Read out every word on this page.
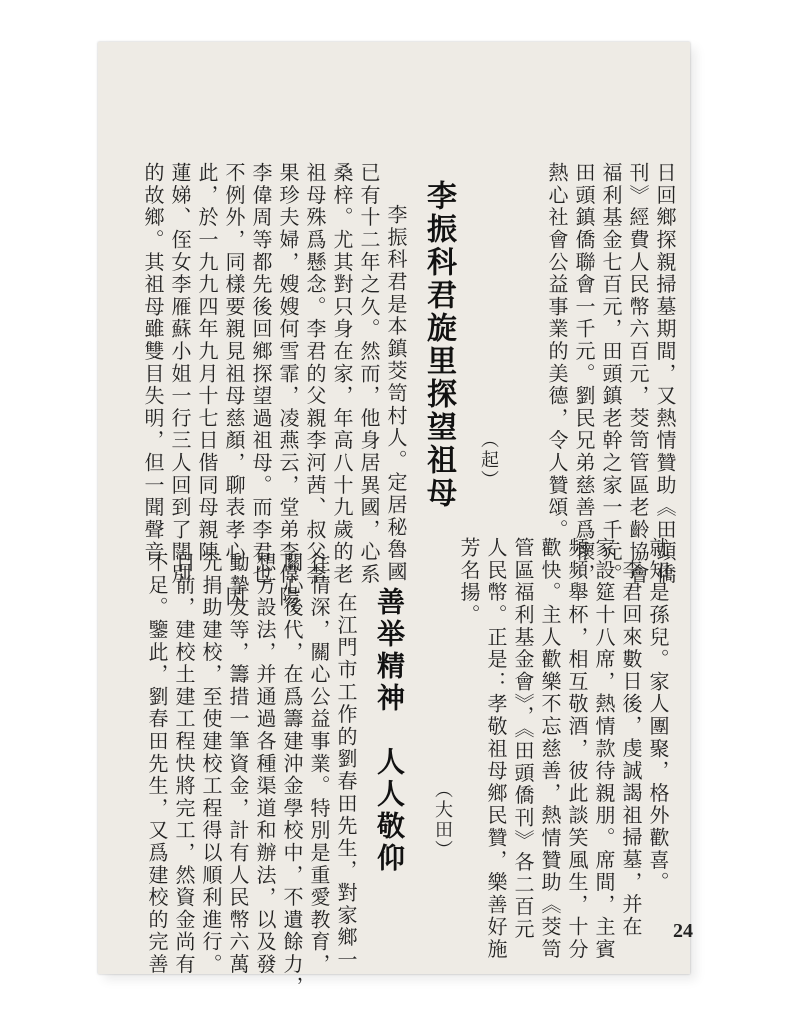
日回鄉探親掃墓期間，又熱情贊助《田頭僑
刊》經費人民幣六百元，茭笥管區老齡協會
福利基金七百元，田頭鎮老幹之家一千元。
田頭鎮僑聯會一千元。劉民兄弟慈善爲懷，
熱心社會公益事業的美德，令人贊頌。
（起）
李振科君旋里探望祖母
李振科君是本鎮茭笥村人。定居秘魯國
已有十二年之久。然而，他身居異國，心系
桑梓。尤其對只身在家，年高八十九歲的老
祖母殊爲懸念。李君的父親李河茜、叔父李
果珍夫婦，嫂嫂何雪霏，凌燕云，堂弟李偉陽、
李偉周等都先後回鄉探望過祖母。而李君也
不例外，同樣要親見祖母慈顏，聊表孝心。因
此，於一九九四年九月十七日偕同母親陳
蓮娣、侄女李雁蘇小姐一行三人回到了闊別
的故鄉。其祖母雖雙目失明，但一聞聲音
就知是孫兒。家人團聚，格外歡喜。
李君回來數日後，虔誠謁祖掃墓，并在
家設筵十八席，熱情款待親朋。席間，主賓
頻頻舉杯，相互敬酒，彼此談笑風生，十分
歡快。主人歡樂不忘慈善，熱情贊助《茭笥
管區福利基金會》，《田頭僑刊》各二百元
人民幣。正是：孝敬祖母鄉民贊，樂善好施
芳名揚。
（大田）
善举精神　人人敬仰
在江門市工作的劉春田先生，對家鄉一
往情深，關心公益事業。特別是重愛教育，
關心後代，在爲籌建沖金學校中，不遺餘力，
想方設法，并通過各種渠道和辦法，以及發
動摯友等，籌措一筆資金，計有人民幣六萬
元捐助建校，至使建校工程得以順利進行。
目前，建校土建工程快將完工，然資金尚有
不足。鑒此，劉春田先生，又爲建校的完善	24
